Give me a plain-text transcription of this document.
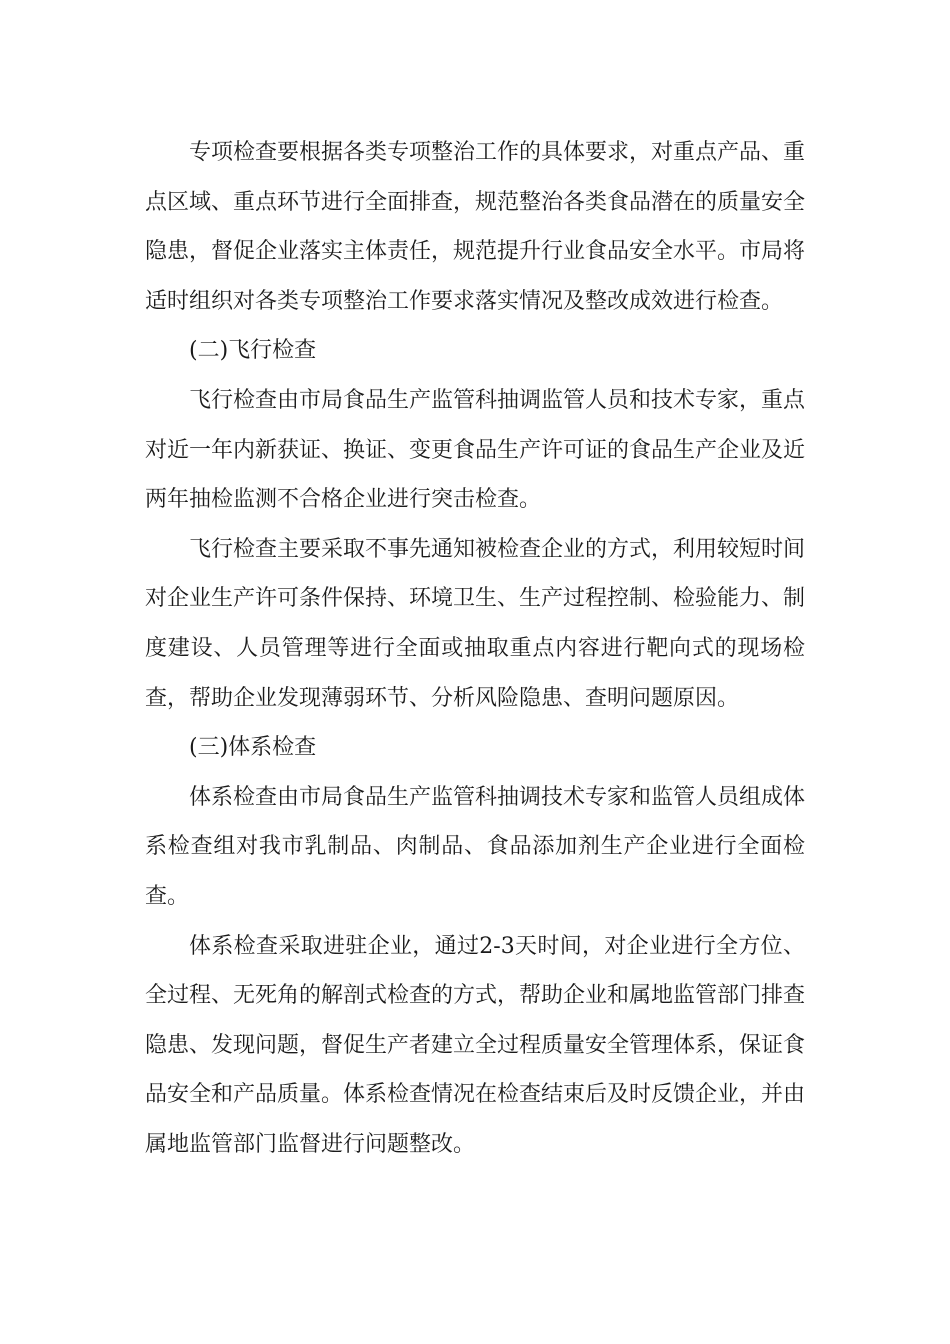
专项检查要根据各类专项整治工作的具体要求，对重点产品、重点区域、重点环节进行全面排查，规范整治各类食品潜在的质量安全隐患，督促企业落实主体责任，规范提升行业食品安全水平。市局将适时组织对各类专项整治工作要求落实情况及整改成效进行检查。

(二)飞行检查

飞行检查由市局食品生产监管科抽调监管人员和技术专家，重点对近一年内新获证、换证、变更食品生产许可证的食品生产企业及近两年抽检监测不合格企业进行突击检查。

飞行检查主要采取不事先通知被检查企业的方式，利用较短时间对企业生产许可条件保持、环境卫生、生产过程控制、检验能力、制度建设、人员管理等进行全面或抽取重点内容进行靶向式的现场检查，帮助企业发现薄弱环节、分析风险隐患、查明问题原因。

(三)体系检查

体系检查由市局食品生产监管科抽调技术专家和监管人员组成体系检查组对我市乳制品、肉制品、食品添加剂生产企业进行全面检查。

体系检查采取进驻企业，通过2-3天时间，对企业进行全方位、全过程、无死角的解剖式检查的方式，帮助企业和属地监管部门排查隐患、发现问题，督促生产者建立全过程质量安全管理体系，保证食品安全和产品质量。体系检查情况在检查结束后及时反馈企业，并由属地监管部门监督进行问题整改。
